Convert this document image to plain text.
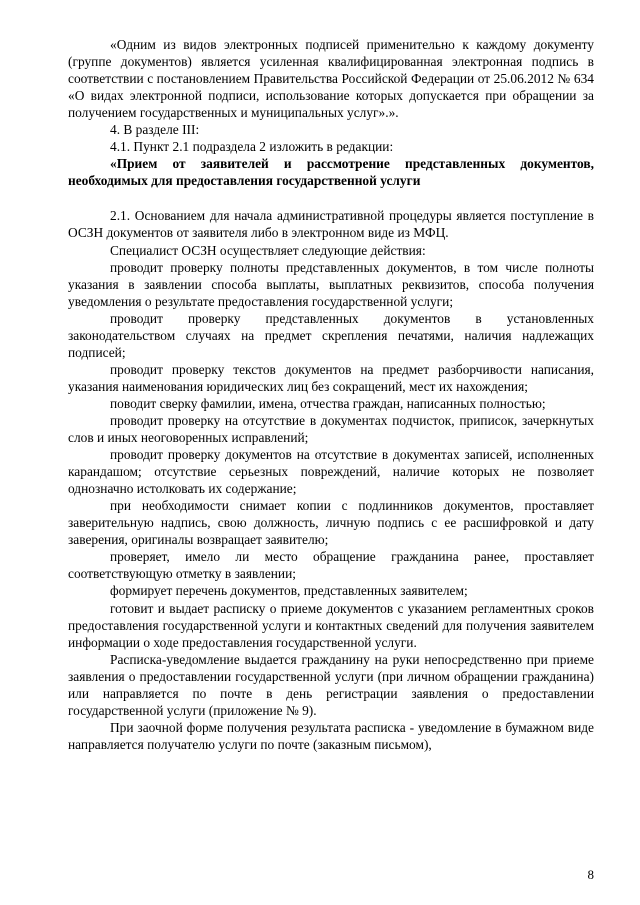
«Одним из видов электронных подписей применительно к каждому документу (группе документов) является усиленная квалифицированная электронная подпись в соответствии с постановлением Правительства Российской Федерации от 25.06.2012 № 634 «О видах электронной подписи, использование которых допускается при обращении за получением государственных и муниципальных услуг».».

4. В разделе III:

4.1. Пункт 2.1 подраздела 2 изложить в редакции:

«Прием от заявителей и рассмотрение представленных документов, необходимых для предоставления государственной услуги

2.1. Основанием для начала административной процедуры является поступление в ОСЗН документов от заявителя либо в электронном виде из МФЦ.

Специалист ОСЗН осуществляет следующие действия:

проводит проверку полноты представленных документов, в том числе полноты указания в заявлении способа выплаты, выплатных реквизитов, способа получения уведомления о результате предоставления государственной услуги;

проводит проверку представленных документов в установленных законодательством случаях на предмет скрепления печатями, наличия надлежащих подписей;

проводит проверку текстов документов на предмет разборчивости написания, указания наименования юридических лиц без сокращений, мест их нахождения;

поводит сверку фамилии, имена, отчества граждан, написанных полностью;

проводит проверку на отсутствие в документах подчисток, приписок, зачеркнутых слов и иных неоговоренных исправлений;

проводит проверку документов на отсутствие в документах записей, исполненных карандашом; отсутствие серьезных повреждений, наличие которых не позволяет однозначно истолковать их содержание;

при необходимости снимает копии с подлинников документов, проставляет заверительную надпись, свою должность, личную подпись с ее расшифровкой и дату заверения, оригиналы возвращает заявителю;

проверяет, имело ли место обращение гражданина ранее, проставляет соответствующую отметку в заявлении;

формирует перечень документов, представленных заявителем;

готовит и выдает расписку о приеме документов с указанием регламентных сроков предоставления государственной услуги и контактных сведений для получения заявителем информации о ходе предоставления государственной услуги.

Расписка-уведомление выдается гражданину на руки непосредственно при приеме заявления о предоставлении государственной услуги (при личном обращении гражданина) или направляется по почте в день регистрации заявления о предоставлении государственной услуги (приложение № 9).

При заочной форме получения результата расписка - уведомление в бумажном виде направляется получателю услуги по почте (заказным письмом),

8
